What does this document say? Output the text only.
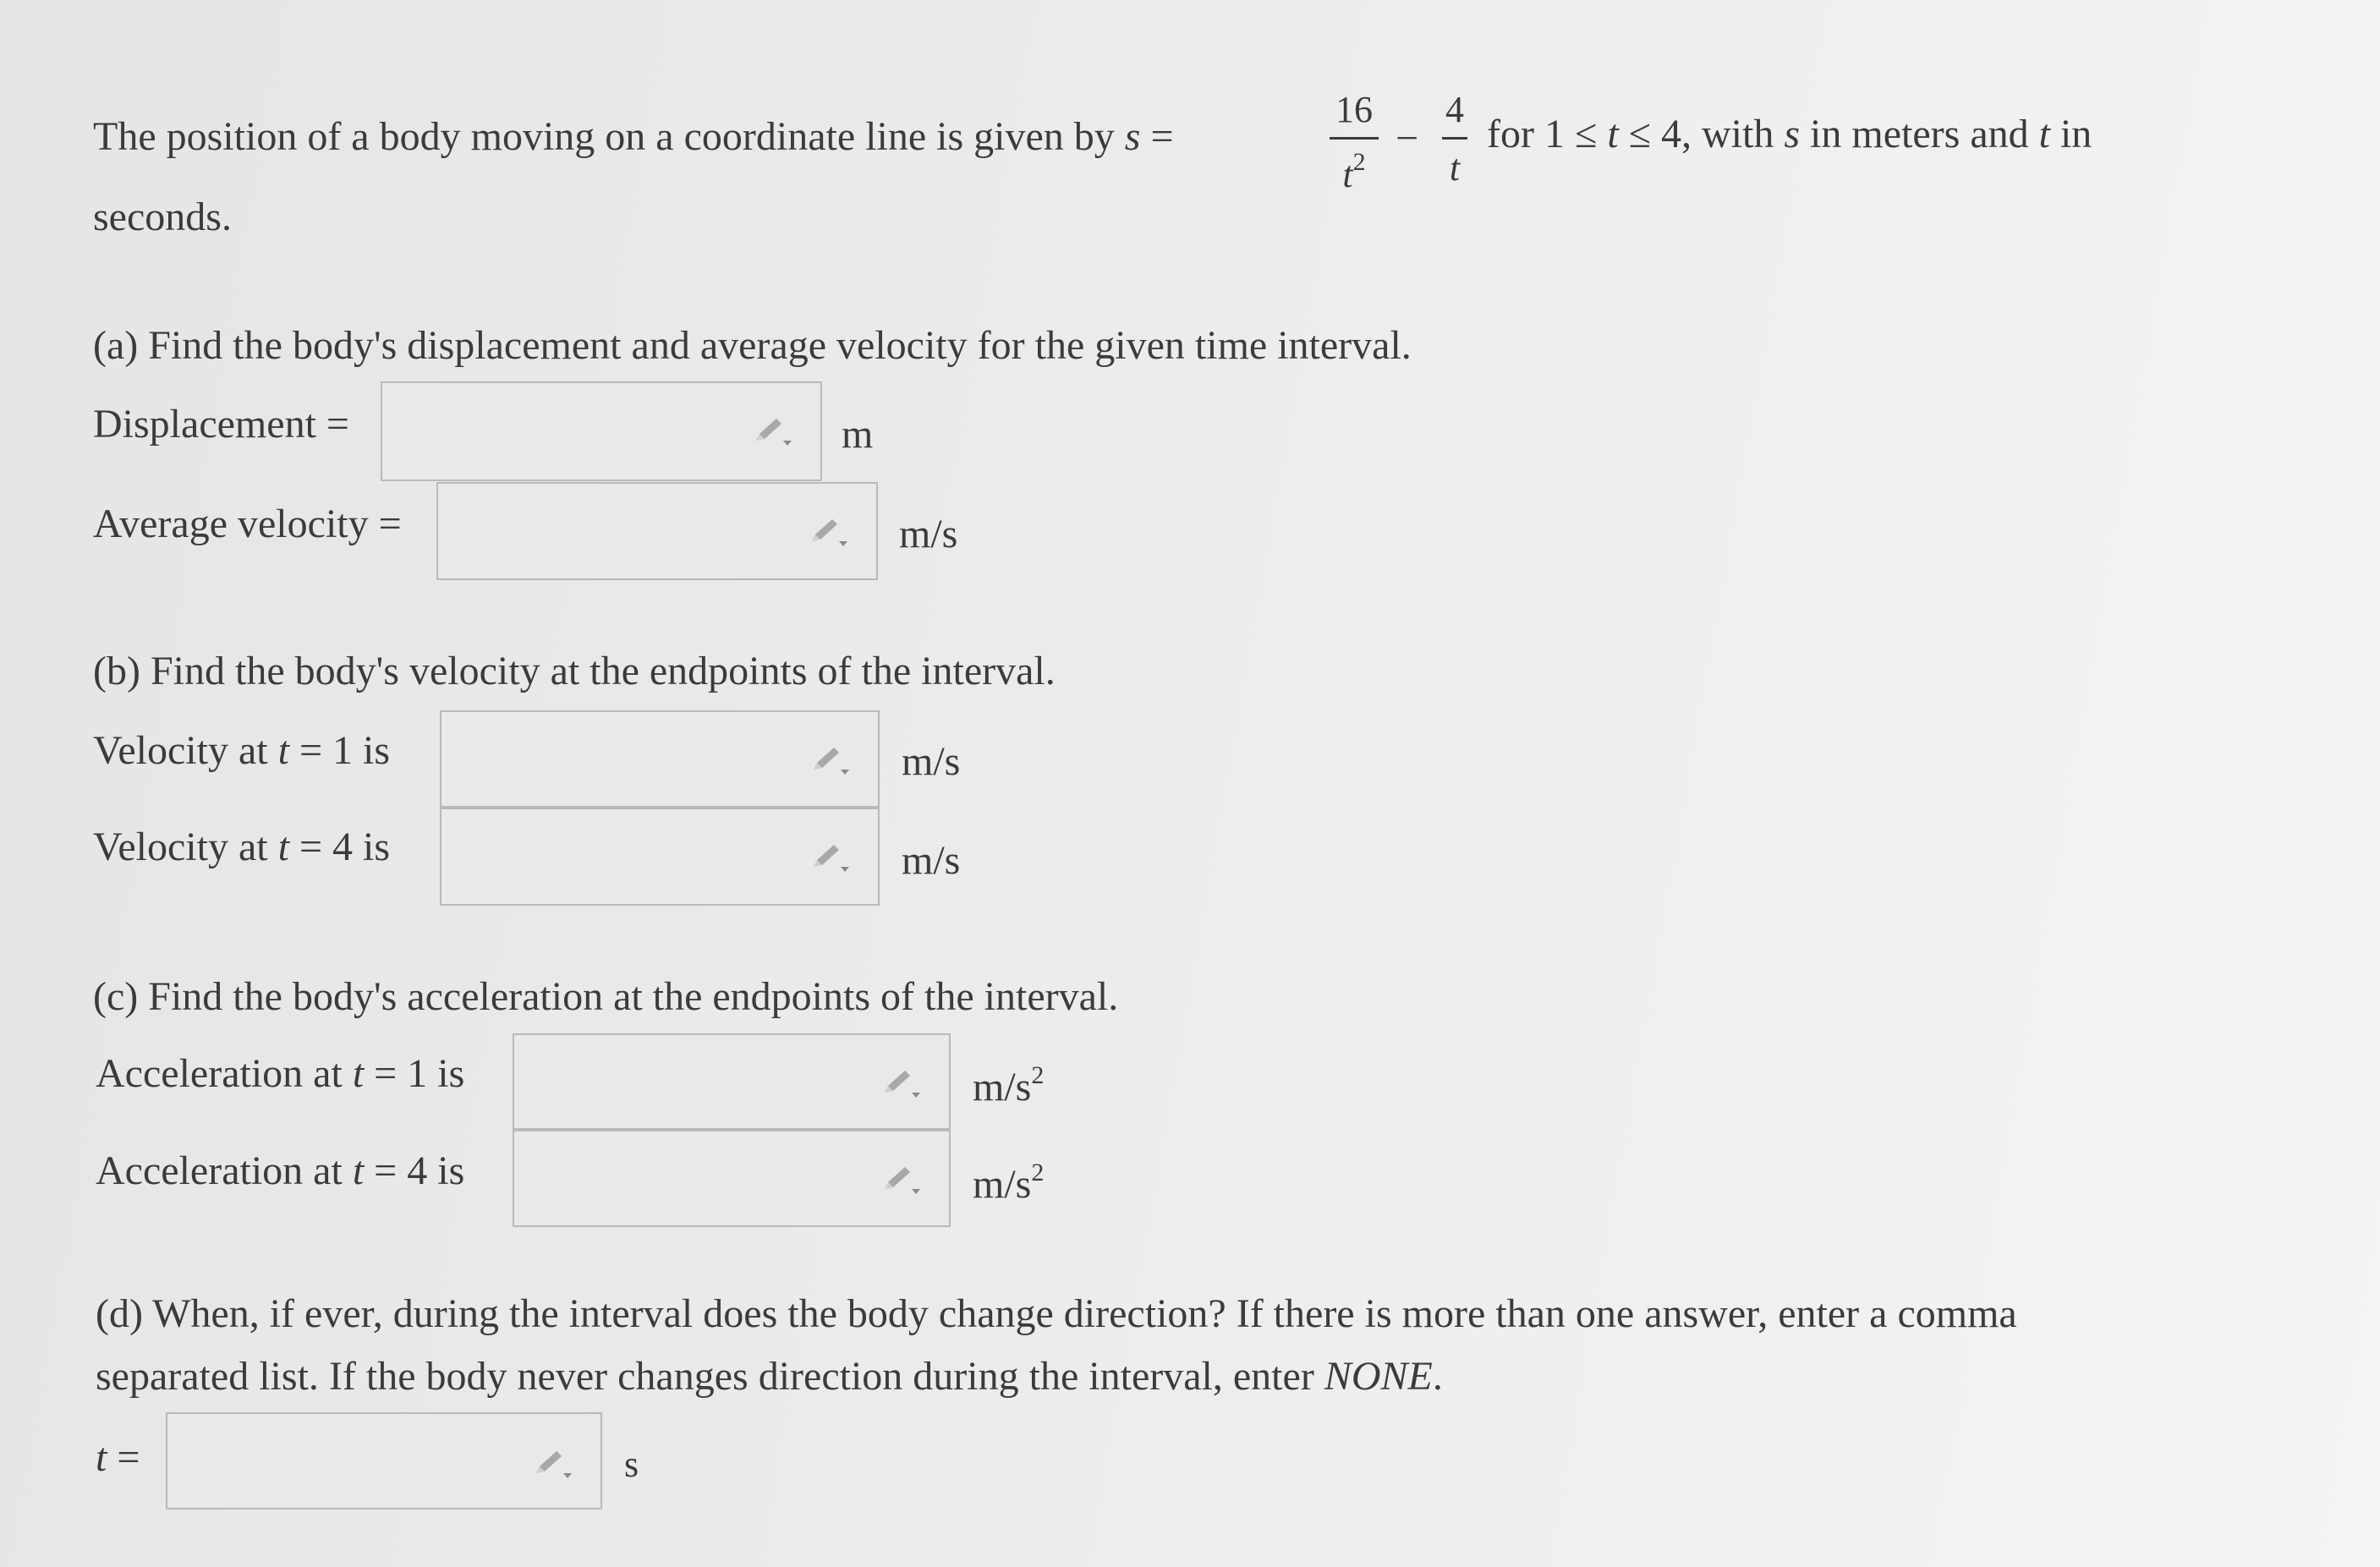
The position of a body moving on a coordinate line is given by s =
16
$t^2$
−
4
t
for 1 ≤ t ≤ 4, with s in meters and t in
seconds.
(a) Find the body's displacement and average velocity for the given time interval.
Displacement =	m
Average velocity =	m/s
(b) Find the body's velocity at the endpoints of the interval.
Velocity at t = 1 is	m/s
Velocity at t = 4 is	m/s
(c) Find the body's acceleration at the endpoints of the interval.
Acceleration at t = 1 is	$m/s^2$
Acceleration at t = 4 is	$m/s^2$
(d) When, if ever, during the interval does the body change direction? If there is more than one answer, enter a comma
separated list. If the body never changes direction during the interval, enter NONE.
t =	s
